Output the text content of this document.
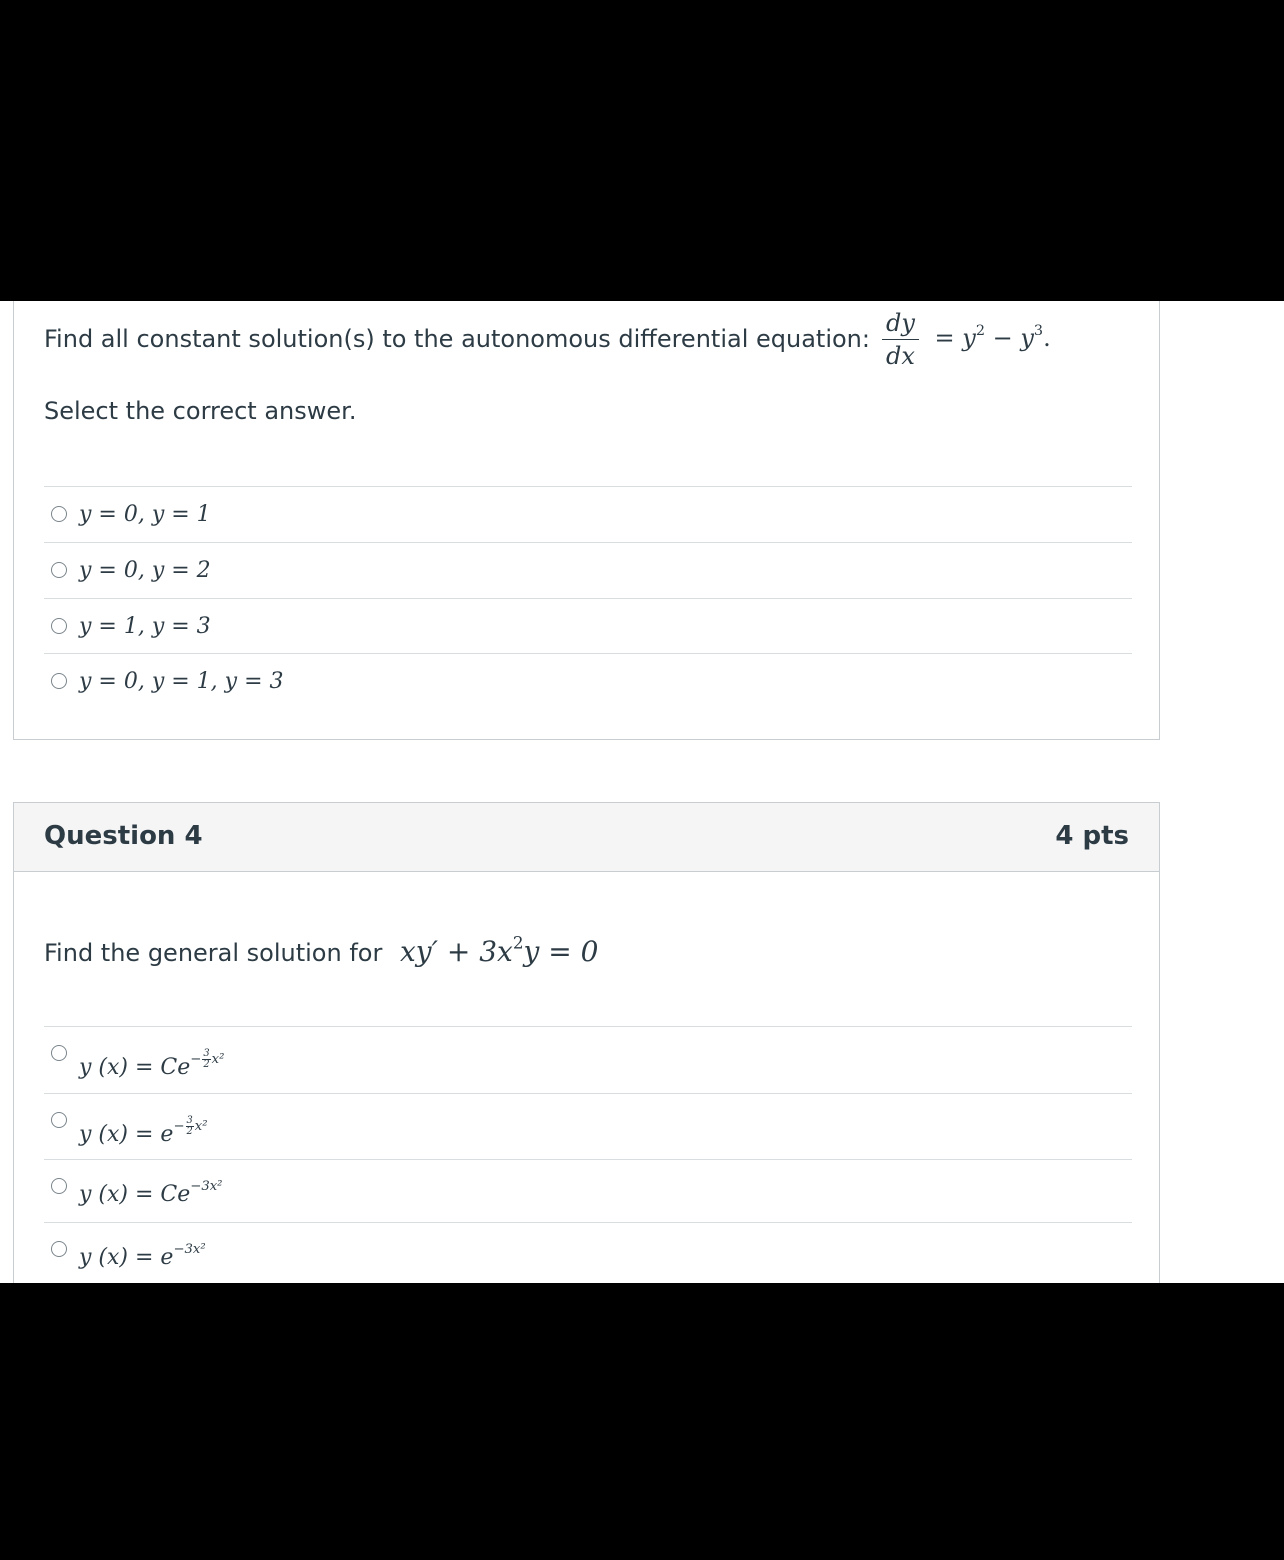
Find all constant solution(s) to the autonomous differential equation: $\frac{dy}{dx} = y^2 - y^3$.
Select the correct answer.
y = 0, y = 1
y = 0, y = 2
y = 1, y = 3
y = 0, y = 1, y = 3
Question 4	4 pts
Find the general solution for $xy' + 3x^2y = 0$
y $(x) = Ce^{- \frac{3}{2} x^2}$
y $(x) = e^{- \frac{3}{2} x^2}$
y $(x) = Ce^{-3x^2}$
y $(x) = e^{-3x^2}$
